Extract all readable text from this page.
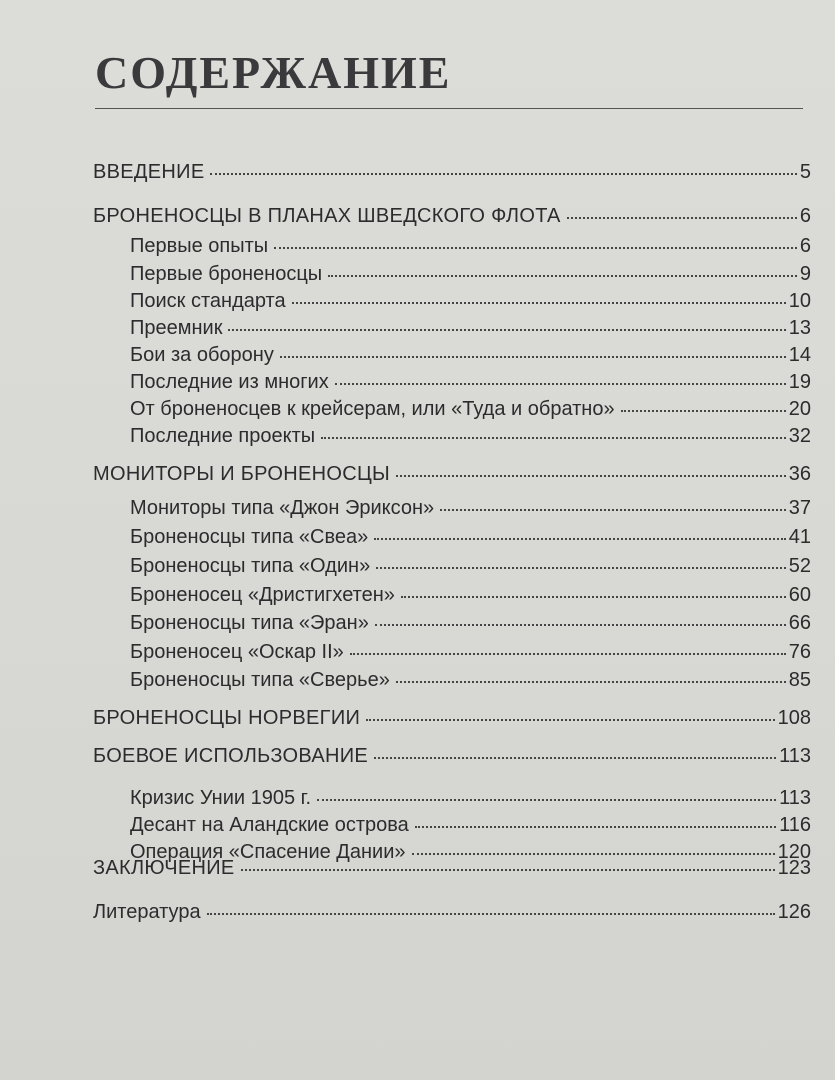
СОДЕРЖАНИЕ
ВВЕДЕНИЕ	5
БРОНЕНОСЦЫ В ПЛАНАХ ШВЕДСКОГО ФЛОТА	6
Первые опыты	6
Первые броненосцы	9
Поиск стандарта	10
Преемник	13
Бои за оборону	14
Последние из многих	19
От броненосцев к крейсерам, или «Туда и обратно»	20
Последние проекты	32
МОНИТОРЫ И БРОНЕНОСЦЫ	36
Мониторы типа «Джон Эриксон»	37
Броненосцы типа «Свеа»	41
Броненосцы типа «Один»	52
Броненосец «Дристигхетен»	60
Броненосцы типа «Эран»	66
Броненосец «Оскар II»	76
Броненосцы типа «Сверье»	85
БРОНЕНОСЦЫ НОРВЕГИИ	108
БОЕВОЕ ИСПОЛЬЗОВАНИЕ	113
Кризис Унии 1905 г.	113
Десант на Аландские острова	116
Операция «Спасение Дании»	120
ЗАКЛЮЧЕНИЕ	123
Литература	126
